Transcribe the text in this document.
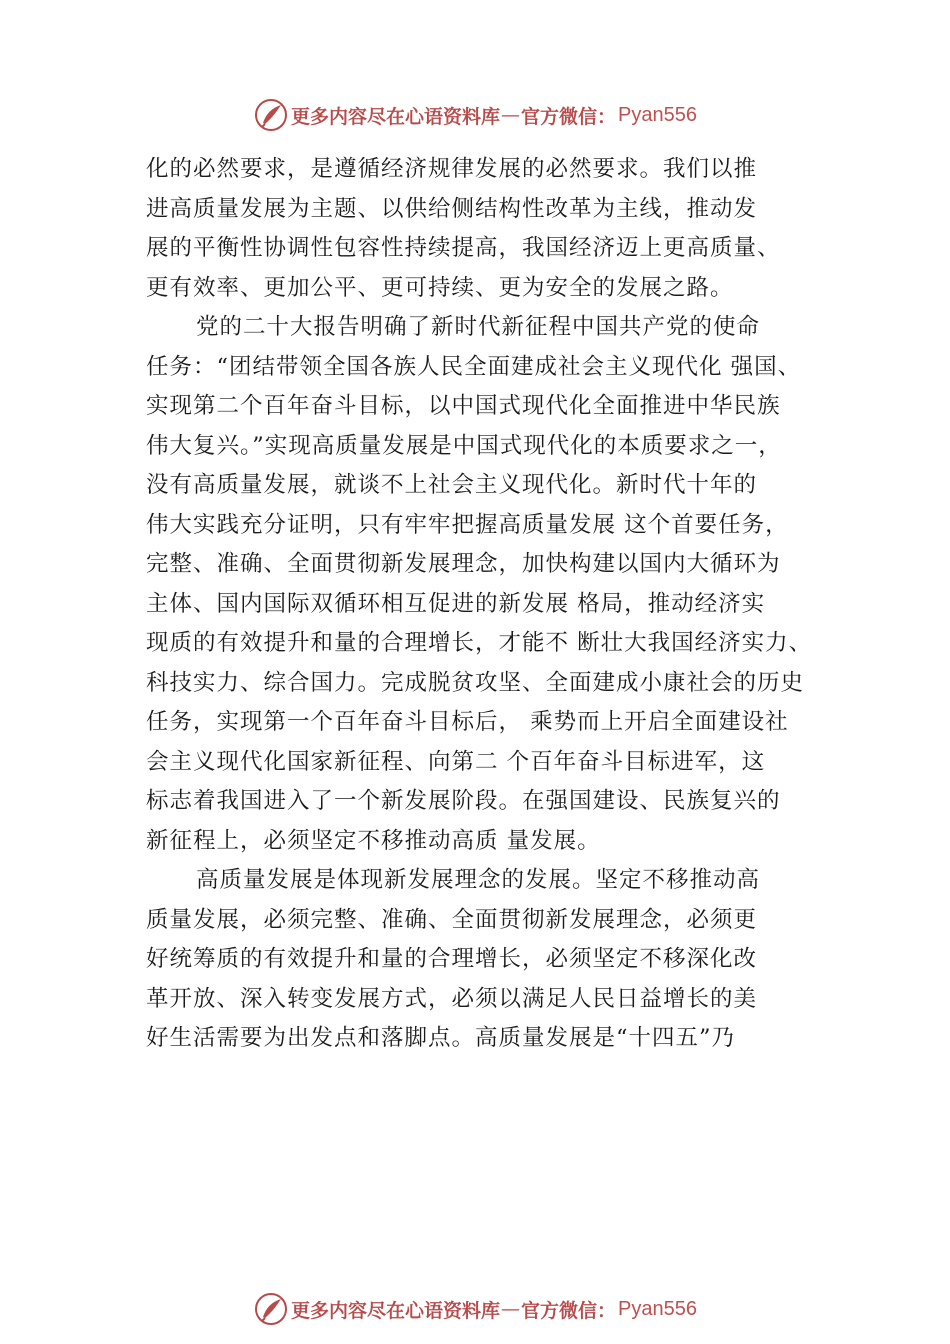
更多内容尽在心语资料库 — 官方微信： Pyan556
化的必然要求，是遵循经济规律发展的必然要求。我们以推
进高质量发展为主题、以供给侧结构性改革为主线，推动发
展的平衡性协调性包容性持续提高，我国经济迈上更高质量、
更有效率、更加公平、更可持续、更为安全的发展之路。
党的二十大报告明确了新时代新征程中国共产党的使命
任务：“团结带领全国各族人民全面建成社会主义现代化 强国、
实现第二个百年奋斗目标，以中国式现代化全面推进中华民族
伟大复兴。”实现高质量发展是中国式现代化的本质要求之一，
没有高质量发展，就谈不上社会主义现代化。新时代十年的
伟大实践充分证明，只有牢牢把握高质量发展 这个首要任务，
完整、准确、全面贯彻新发展理念，加快构建以国内大循环为
主体、国内国际双循环相互促进的新发展 格局，推动经济实
现质的有效提升和量的合理增长，才能不 断壮大我国经济实力、
科技实力、综合国力。完成脱贫攻坚、全面建成小康社会的历史
任务，实现第一个百年奋斗目标后， 乘势而上开启全面建设社
会主义现代化国家新征程、向第二 个百年奋斗目标进军，这
标志着我国进入了一个新发展阶段。在强国建设、民族复兴的
新征程上，必须坚定不移推动高质 量发展。
高质量发展是体现新发展理念的发展。坚定不移推动高
质量发展，必须完整、准确、全面贯彻新发展理念，必须更
好统筹质的有效提升和量的合理增长，必须坚定不移深化改
革开放、深入转变发展方式，必须以满足人民日益增长的美
好生活需要为出发点和落脚点。高质量发展是“十四五”乃
更多内容尽在心语资料库 — 官方微信： Pyan556
